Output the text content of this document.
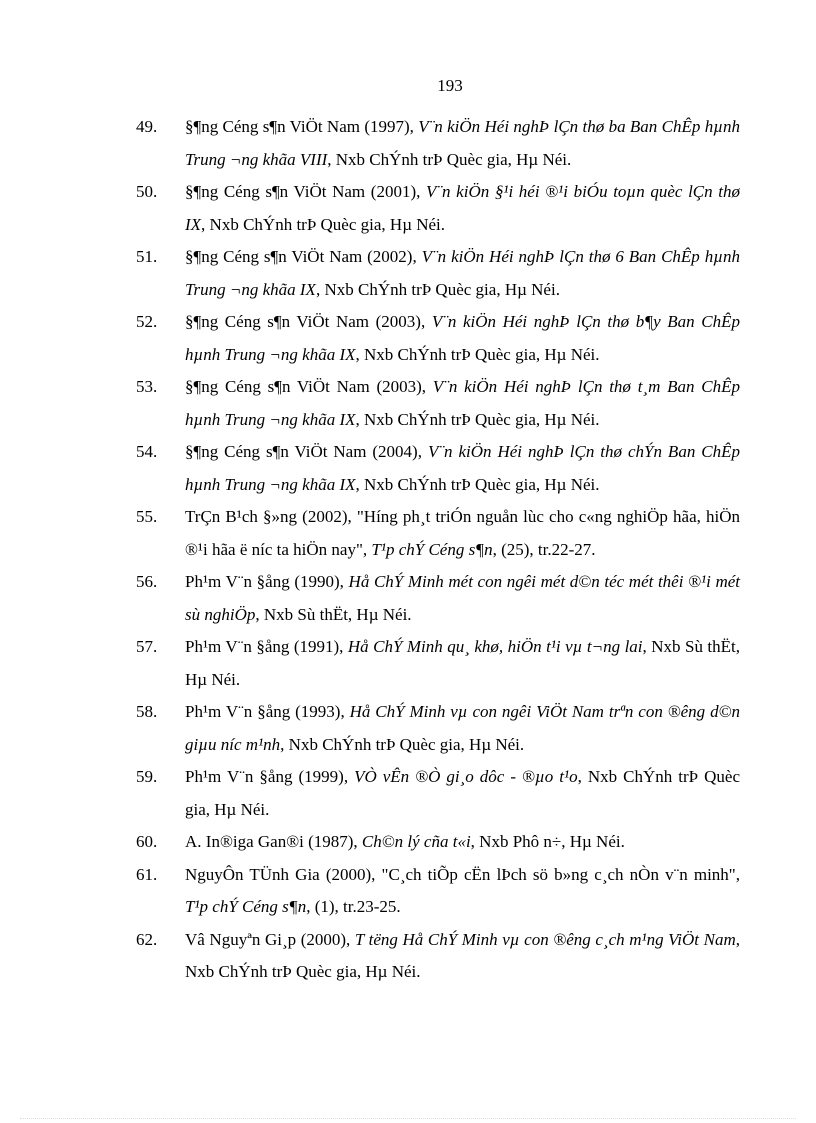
193
49. §¶ng Céng s¶n ViÖt Nam (1997), V¨n kiÖn Héi nghÞ lÇn thø ba Ban ChÊp hµnh Trung ¬ng khãa VIII, Nxb ChÝnh trÞ Quèc gia, Hµ Néi.
50. §¶ng Céng s¶n ViÖt Nam (2001), V¨n kiÖn §¹i héi ®¹i biÓu toµn quèc lÇn thø IX, Nxb ChÝnh trÞ Quèc gia, Hµ Néi.
51. §¶ng Céng s¶n ViÖt Nam (2002), V¨n kiÖn Héi nghÞ lÇn thø 6 Ban ChÊp hµnh Trung ¬ng khãa IX, Nxb ChÝnh trÞ Quèc gia, Hµ Néi.
52. §¶ng Céng s¶n ViÖt Nam (2003), V¨n kiÖn Héi nghÞ lÇn thø b¶y Ban ChÊp hµnh Trung ¬ng khãa IX, Nxb ChÝnh trÞ Quèc gia, Hµ Néi.
53. §¶ng Céng s¶n ViÖt Nam (2003), V¨n kiÖn Héi nghÞ lÇn thø t¸m Ban ChÊp hµnh Trung ¬ng khãa IX, Nxb ChÝnh trÞ Quèc gia, Hµ Néi.
54. §¶ng Céng s¶n ViÖt Nam (2004), V¨n kiÖn Héi nghÞ lÇn thø chÝn Ban ChÊp hµnh Trung ¬ng khãa IX, Nxb ChÝnh trÞ Quèc gia, Hµ Néi.
55. TrÇn B¹ch §»ng (2002), "Híng ph¸t triÓn nguån lùc cho c«ng nghiÖp hãa, hiÖn ®¹i hãa ë níc ta hiÖn nay", T¹p chÝ Céng s¶n, (25), tr.22-27.
56. Ph¹m V¨n §ång (1990), Hå ChÝ Minh mét con ngêi mét d©n téc mét thêi ®¹i mét sù nghiÖp, Nxb Sù thËt, Hµ Néi.
57. Ph¹m V¨n §ång (1991), Hå ChÝ Minh qu¸ khø, hiÖn t¹i vµ t¬ng lai, Nxb Sù thËt, Hµ Néi.
58. Ph¹m V¨n §ång (1993), Hå ChÝ Minh vµ con ngêi ViÖt Nam trªn con ®êng d©n giµu níc m¹nh, Nxb ChÝnh trÞ Quèc gia, Hµ Néi.
59. Ph¹m V¨n §ång (1999), VÒ vÊn ®Ò gi¸o dôc - ®µo t¹o, Nxb ChÝnh trÞ Quèc gia, Hµ Néi.
60. A. In®iga Gan®i (1987), Ch©n lý cña t«i, Nxb Phô n÷, Hµ Néi.
61. NguyÔn TÜnh Gia (2000), "C¸ch tiÕp cËn lÞch sö b»ng c¸ch nÒn v¨n minh", T¹p chÝ Céng s¶n, (1), tr.23-25.
62. Vâ Nguyªn Gi¸p (2000), T tëng Hå ChÝ Minh vµ con ®êng c¸ch m¹ng ViÖt Nam, Nxb ChÝnh trÞ Quèc gia, Hµ Néi.
